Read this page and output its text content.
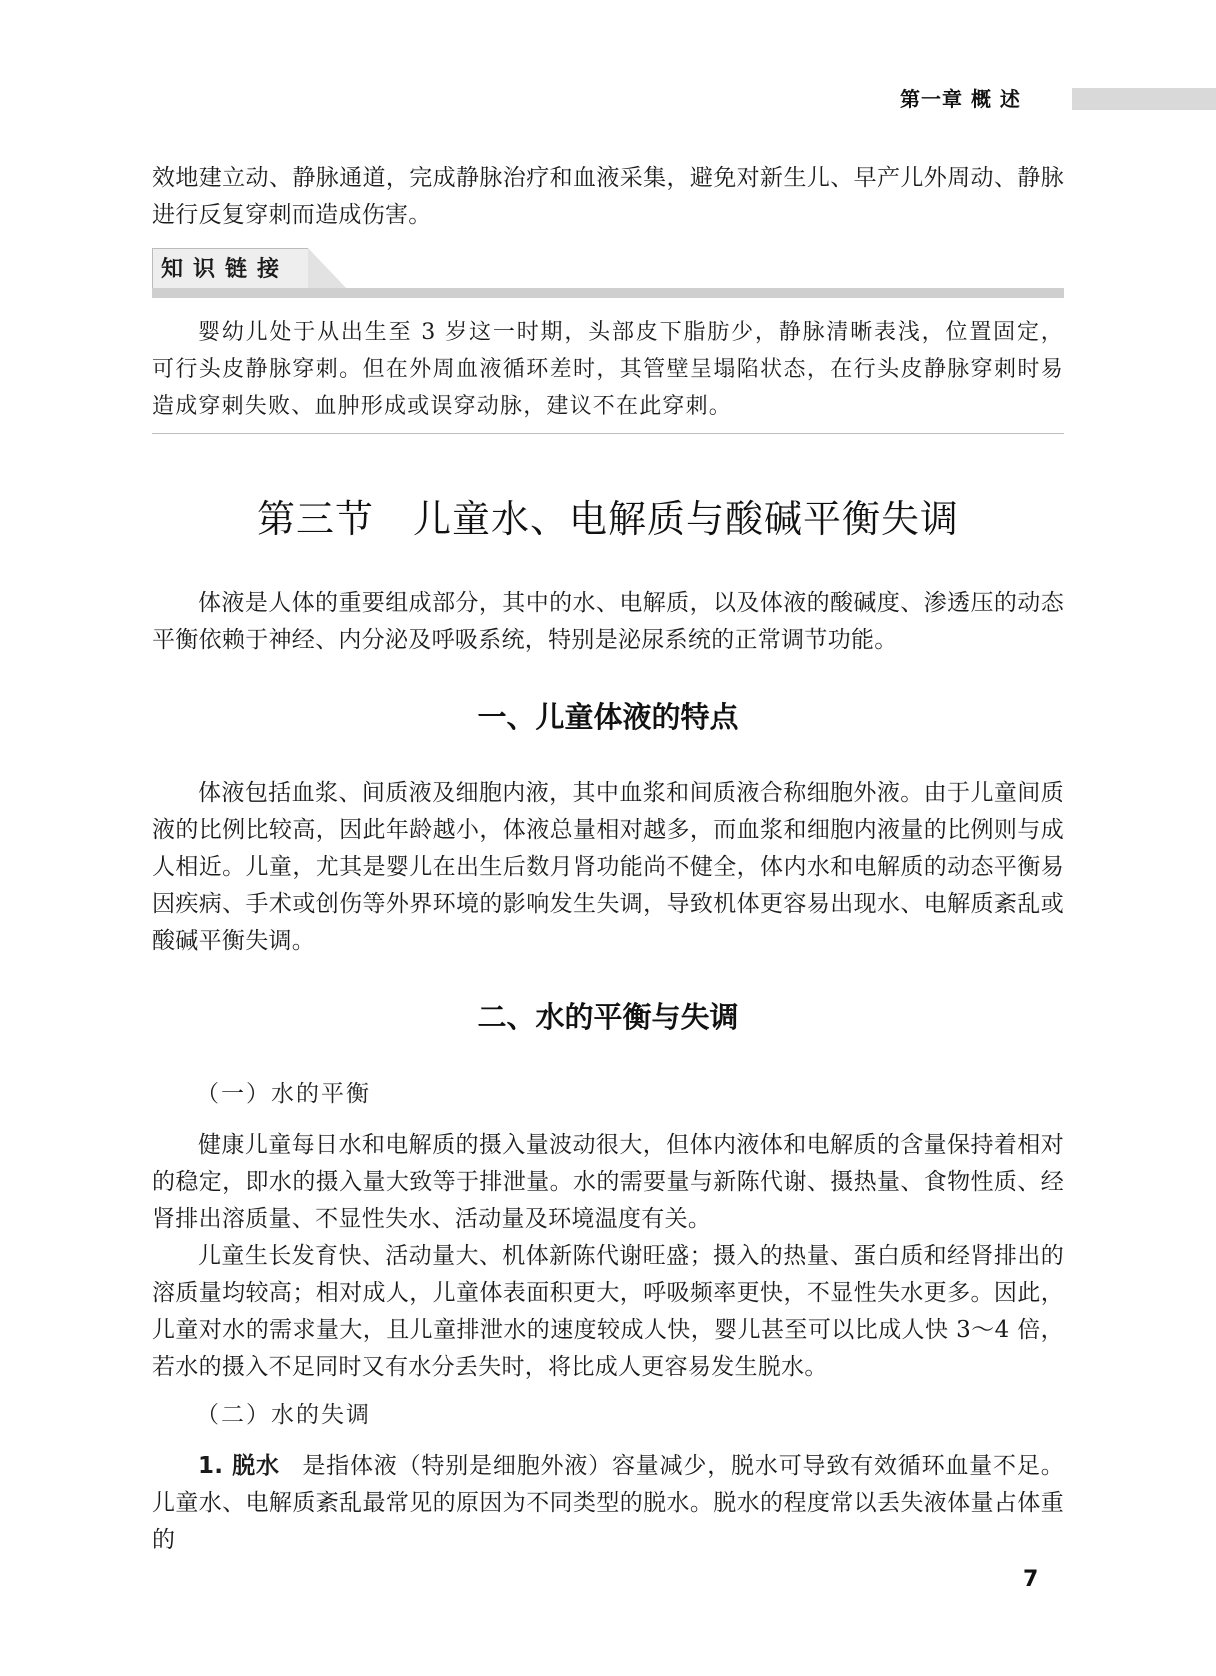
第一章 概 述

效地建立动、静脉通道，完成静脉治疗和血液采集，避免对新生儿、早产儿外周动、静脉进行反复穿刺而造成伤害。

知识链接

婴幼儿处于从出生至 3 岁这一时期，头部皮下脂肪少，静脉清晰表浅，位置固定，可行头皮静脉穿刺。但在外周血液循环差时，其管壁呈塌陷状态，在行头皮静脉穿刺时易造成穿刺失败、血肿形成或误穿动脉，建议不在此穿刺。

第三节　儿童水、电解质与酸碱平衡失调

体液是人体的重要组成部分，其中的水、电解质，以及体液的酸碱度、渗透压的动态平衡依赖于神经、内分泌及呼吸系统，特别是泌尿系统的正常调节功能。

一、儿童体液的特点

体液包括血浆、间质液及细胞内液，其中血浆和间质液合称细胞外液。由于儿童间质液的比例比较高，因此年龄越小，体液总量相对越多，而血浆和细胞内液量的比例则与成人相近。儿童，尤其是婴儿在出生后数月肾功能尚不健全，体内水和电解质的动态平衡易因疾病、手术或创伤等外界环境的影响发生失调，导致机体更容易出现水、电解质紊乱或酸碱平衡失调。

二、水的平衡与失调
（一）水的平衡

健康儿童每日水和电解质的摄入量波动很大，但体内液体和电解质的含量保持着相对的稳定，即水的摄入量大致等于排泄量。水的需要量与新陈代谢、摄热量、食物性质、经肾排出溶质量、不显性失水、活动量及环境温度有关。

儿童生长发育快、活动量大、机体新陈代谢旺盛；摄入的热量、蛋白质和经肾排出的溶质量均较高；相对成人，儿童体表面积更大，呼吸频率更快，不显性失水更多。因此，儿童对水的需求量大，且儿童排泄水的速度较成人快，婴儿甚至可以比成人快 3～4 倍，若水的摄入不足同时又有水分丢失时，将比成人更容易发生脱水。

（二）水的失调

1. 脱水 是指体液（特别是细胞外液）容量减少，脱水可导致有效循环血量不足。儿童水、电解质紊乱最常见的原因为不同类型的脱水。脱水的程度常以丢失液体量占体重的

7
